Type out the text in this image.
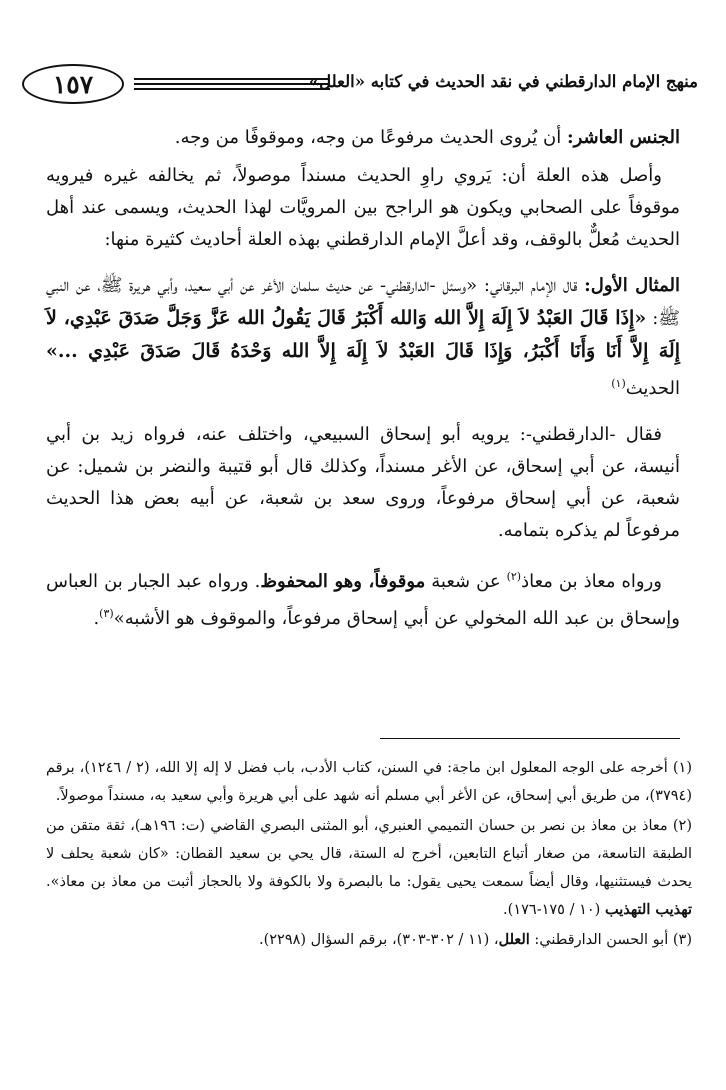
١٥٧	منهج الإمام الدارقطني في نقد الحديث في كتابه «العلل»

الجنس العاشر: أن يُروى الحديث مرفوعًا من وجه، وموقوفًا من وجه.

وأصل هذه العلة أن: يَروي راوِ الحديث مسنداً موصولاً، ثم يخالفه غيره فيرويه موقوفاً على الصحابي ويكون هو الراجح بين المرويَّات لهذا الحديث، ويسمى عند أهل الحديث مُعلٌّ بالوقف، وقد أعلَّ الإمام الدارقطني بهذه العلة أحاديث كثيرة منها:

المثال الأول: قال الإمام البرقاني: «وسئل -الدارقطني- عن حديث سلمان الأغر عن أبي سعيد، وأبي هريرة ﷺ، عن النبي ﷺ: «إِذَا قَالَ العَبْدُ لاَ إِلَهَ إِلاَّ الله وَالله أَكْبَرُ قَالَ يَقُولُ الله عَزَّ وَجَلَّ صَدَقَ عَبْدِي، لاَ إِلَهَ إِلاَّ أَنَا وَأَنَا أَكْبَرُ، وَإِذَا قَالَ العَبْدُ لاَ إِلَهَ إِلاَّ الله وَحْدَهُ قَالَ صَدَقَ عَبْدِي ...» الحديث$^{(١)}$

فقال -الدارقطني-: يرويه أبو إسحاق السبيعي، واختلف عنه، فرواه زيد بن أبي أنيسة، عن أبي إسحاق، عن الأغر مسنداً، وكذلك قال أبو قتيبة والنضر بن شميل: عن شعبة، عن أبي إسحاق مرفوعاً، وروى سعد بن شعبة، عن أبيه بعض هذا الحديث مرفوعاً لم يذكره بتمامه.

ورواه معاذ بن معاذ$^{(٢)}$ عن شعبة موقوفاً، وهو المحفوظ. ورواه عبد الجبار بن العباس وإسحاق بن عبد الله المخولي عن أبي إسحاق مرفوعاً، والموقوف هو الأشبه»$^{(٣)}$.

(١) أخرجه على الوجه المعلول ابن ماجة: في السنن، كتاب الأدب، باب فضل لا إله إلا الله، (٢ / ١٢٤٦)، برقم (٣٧٩٤)، من طريق أبي إسحاق، عن الأغر أبي مسلم أنه شهد على أبي هريرة وأبي سعيد به، مسنداً موصولاً.

(٢) معاذ بن معاذ بن نصر بن حسان التميمي العنبري، أبو المثنى البصري القاضي (ت: ١٩٦هـ)، ثقة متقن من الطبقة التاسعة، من صغار أتباع التابعين، أخرج له الستة، قال يحي بن سعيد القطان: «كان شعبة يحلف لا يحدث فيستثنيها، وقال أيضاً سمعت يحيى يقول: ما بالبصرة ولا بالكوفة ولا بالحجاز أثبت من معاذ بن معاذ». تهذيب التهذيب (١٠ / ١٧٥-١٧٦).

(٣) أبو الحسن الدارقطني: العلل، (١١ / ٣٠٢-٣٠٣)، برقم السؤال (٢٢٩٨).
